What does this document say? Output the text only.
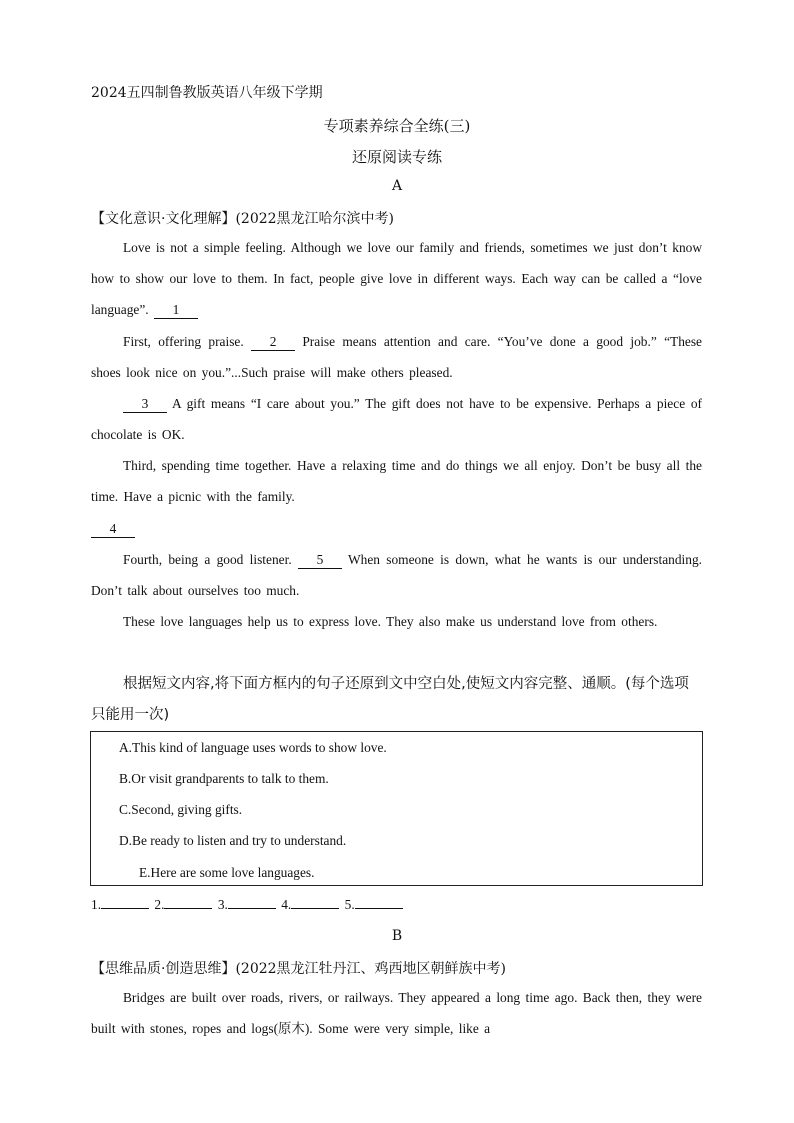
2024五四制鲁教版英语八年级下学期
专项素养综合全练(三)
还原阅读专练
A
【文化意识·文化理解】(2022黑龙江哈尔滨中考)
Love is not a simple feeling. Although we love our family and friends, sometimes we just don’t know how to show our love to them. In fact, people give love in different ways. Each way can be called a “love language”. 1
First, offering praise. 2 Praise means attention and care. “You’ve done a good job.” “These shoes look nice on you.”...Such praise will make others pleased.
3 A gift means “I care about you.” The gift does not have to be expensive. Perhaps a piece of chocolate is OK.
Third, spending time together. Have a relaxing time and do things we all enjoy. Don’t be busy all the time. Have a picnic with the family.
4
Fourth, being a good listener. 5 When someone is down, what he wants is our understanding. Don’t talk about ourselves too much.
These love languages help us to express love. They also make us understand love from others.
根据短文内容,将下面方框内的句子还原到文中空白处,使短文内容完整、通顺。(每个选项只能用一次)
A.This kind of language uses words to show love.
B.Or visit grandparents to talk to them.
C.Second, giving gifts.
D.Be ready to listen and try to understand.
E.Here are some love languages.
1.	2.	3.	4.	5.
B
【思维品质·创造思维】(2022黑龙江牡丹江、鸡西地区朝鲜族中考)
Bridges are built over roads, rivers, or railways. They appeared a long time ago. Back then, they were built with stones, ropes and logs(原木). Some were very simple, like a
